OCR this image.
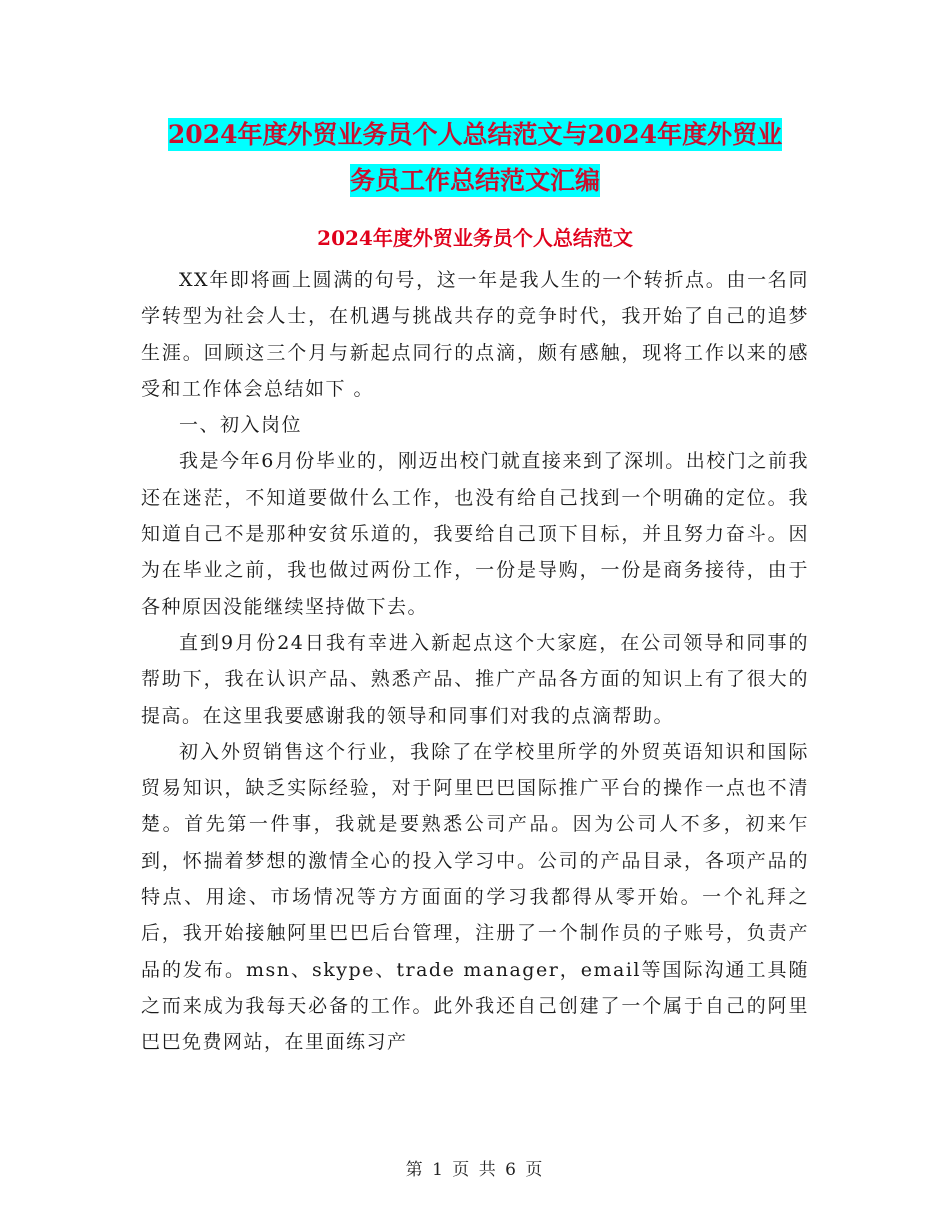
2024年度外贸业务员个人总结范文与2024年度外贸业
务员工作总结范文汇编
2024年度外贸业务员个人总结范文

XX年即将画上圆满的句号，这一年是我人生的一个转折点。由一名同学转型为社会人士，在机遇与挑战共存的竞争时代，我开始了自己的追梦生涯。回顾这三个月与新起点同行的点滴，颇有感触，现将工作以来的感受和工作体会总结如下 。

一、初入岗位

我是今年6月份毕业的，刚迈出校门就直接来到了深圳。出校门之前我还在迷茫，不知道要做什么工作，也没有给自己找到一个明确的定位。我知道自己不是那种安贫乐道的，我要给自己顶下目标，并且努力奋斗。因为在毕业之前，我也做过两份工作，一份是导购，一份是商务接待，由于各种原因没能继续坚持做下去。

直到9月份24日我有幸进入新起点这个大家庭，在公司领导和同事的帮助下，我在认识产品、熟悉产品、推广产品各方面的知识上有了很大的提高。在这里我要感谢我的领导和同事们对我的点滴帮助。

初入外贸销售这个行业，我除了在学校里所学的外贸英语知识和国际贸易知识，缺乏实际经验，对于阿里巴巴国际推广平台的操作一点也不清楚。首先第一件事，我就是要熟悉公司产品。因为公司人不多，初来乍到，怀揣着梦想的激情全心的投入学习中。公司的产品目录，各项产品的特点、用途、市场情况等方方面面的学习我都得从零开始。一个礼拜之后，我开始接触阿里巴巴后台管理，注册了一个制作员的子账号，负责产品的发布。msn、skype、trade manager，email等国际沟通工具随之而来成为我每天必备的工作。此外我还自己创建了一个属于自己的阿里巴巴免费网站，在里面练习产

第 1 页 共 6 页
